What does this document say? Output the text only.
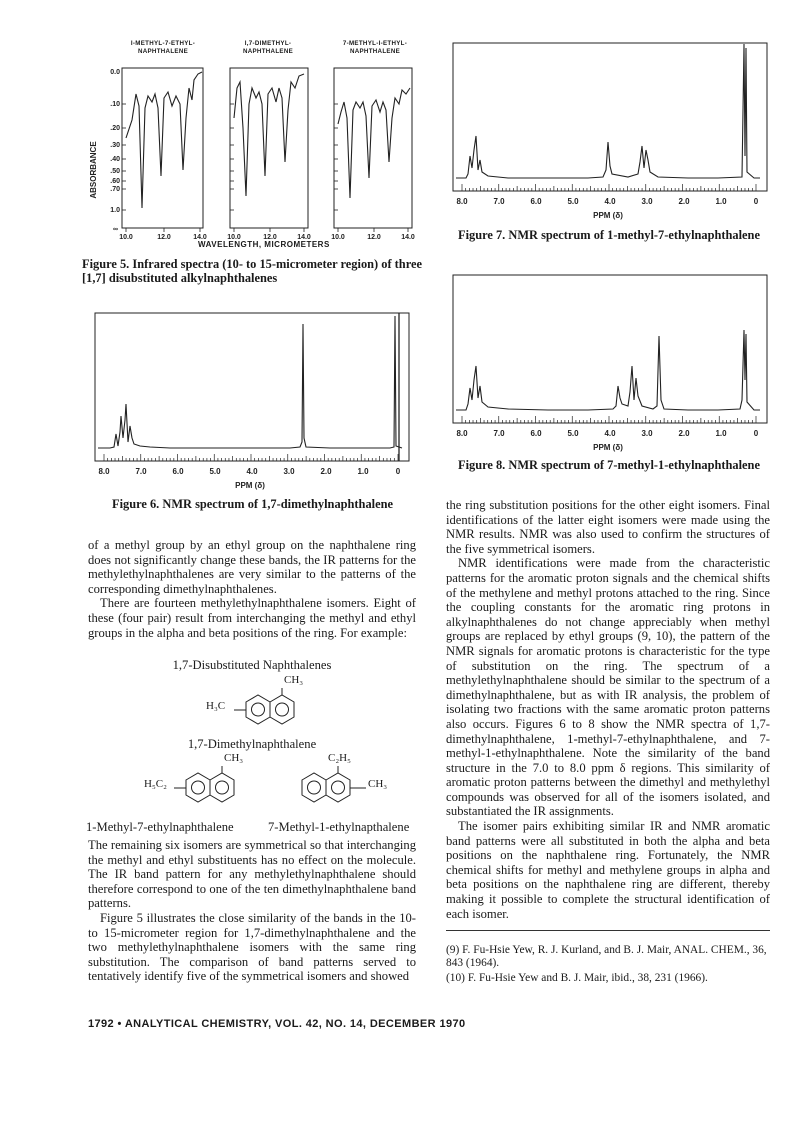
I-METHYL-7-ETHYL-
NAPHTHALENE
I,7-DIMETHYL-
NAPHTHALENE
7-METHYL-I-ETHYL-
NAPHTHALENE
ABSORBANCE
0.0
.10
.20
.30
.40
.50
.60
.70
1.0
∞
10.0	12.0	14.0	10.0	12.0	14.0	10.0	12.0	14.0
WAVELENGTH, MICROMETERS
Figure 5. Infrared spectra (10- to 15-micrometer region) of three [1,7] disubstituted alkylnaphthalenes
8.0	7.0	6.0	5.0	4.0	3.0	2.0	1.0	0
PPM (δ)
Figure 6. NMR spectrum of 1,7-dimethylnaphthalene
8.0	7.0	6.0	5.0	4.0	3.0	2.0	1.0	0
PPM (δ)
Figure 7. NMR spectrum of 1-methyl-7-ethylnaphthalene
8.0	7.0	6.0	5.0	4.0	3.0	2.0	1.0	0
PPM (δ)
Figure 8. NMR spectrum of 7-methyl-1-ethylnaphthalene

of a methyl group by an ethyl group on the naphthalene ring does not significantly change these bands, the IR patterns for the methylethylnaphthalenes are very similar to the patterns of the corresponding dimethylnaphthalenes.

There are fourteen methylethylnaphthalene isomers. Eight of these (four pair) result from interchanging the methyl and ethyl groups in the alpha and beta positions of the ring. For example:

1,7-Disubstituted Naphthalenes
CH₃
H₃C
1,7-Dimethylnaphthalene
CH₃
H₅C₂
C₂H₅
CH₃
1-Methyl-7-ethylnaphthalene	7-Methyl-1-ethylnapthalene

The remaining six isomers are symmetrical so that interchanging the methyl and ethyl substituents has no effect on the molecule. The IR band pattern for any methylethylnaphthalene should therefore correspond to one of the ten dimethylnaphthalene band patterns.

Figure 5 illustrates the close similarity of the bands in the 10- to 15-micrometer region for 1,7-dimethylnaphthalene and the two methylethylnaphthalene isomers with the same ring substitution. The comparison of band patterns served to tentatively identify five of the symmetrical isomers and showed

the ring substitution positions for the other eight isomers. Final identifications of the latter eight isomers were made using the NMR results. NMR was also used to confirm the structures of the five symmetrical isomers.

NMR identifications were made from the characteristic patterns for the aromatic proton signals and the chemical shifts of the methylene and methyl protons attached to the ring. Since the coupling constants for the aromatic ring protons in alkylnaphthalenes do not change appreciably when methyl groups are replaced by ethyl groups (9, 10), the pattern of the NMR signals for aromatic protons is characteristic for the type of substitution on the ring. The spectrum of a methylethylnaphthalene should be similar to the spectrum of a dimethylnaphthalene, but as with IR analysis, the problem of isolating two fractions with the same aromatic proton patterns also occurs. Figures 6 to 8 show the NMR spectra of 1,7-dimethylnaphthalene, 1-methyl-7-ethylnaphthalene, and 7-methyl-1-ethylnaphthalene. Note the similarity of the band structure in the 7.0 to 8.0 ppm δ regions. This similarity of aromatic proton patterns between the dimethyl and methylethyl compounds was observed for all of the isomers isolated, and substantiated the IR assignments.

The isomer pairs exhibiting similar IR and NMR aromatic band patterns were all substituted in both the alpha and beta positions on the naphthalene ring. Fortunately, the NMR chemical shifts for methyl and methylene groups in alpha and beta positions on the naphthalene ring are different, thereby making it possible to complete the structural identification of each isomer.

(9) F. Fu-Hsie Yew, R. J. Kurland, and B. J. Mair, ANAL. CHEM., 36, 843 (1964).

(10) F. Fu-Hsie Yew and B. J. Mair, ibid., 38, 231 (1966).

1792 • ANALYTICAL CHEMISTRY, VOL. 42, NO. 14, DECEMBER 1970
